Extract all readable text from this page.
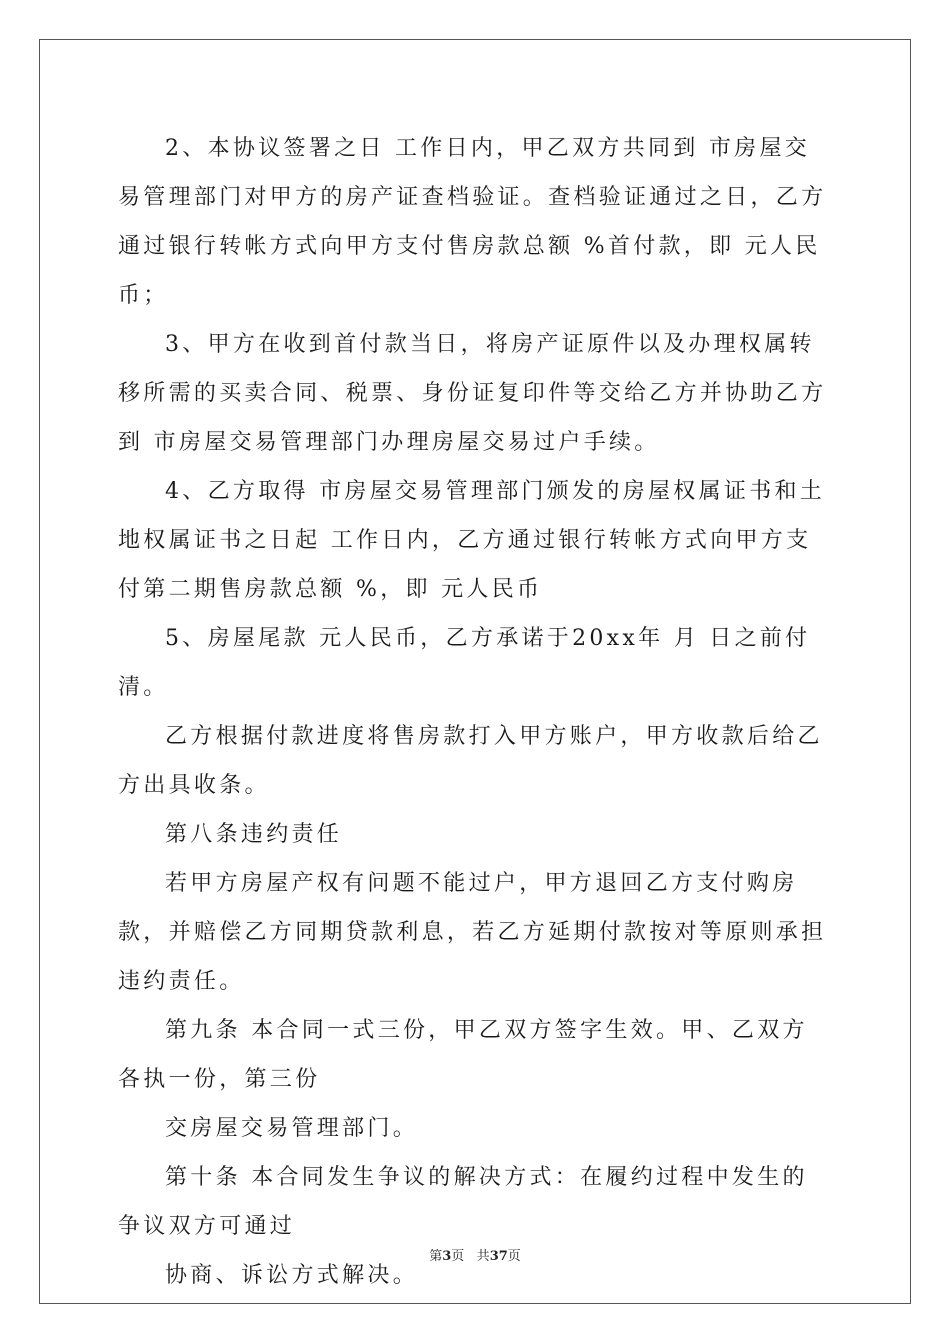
2、本协议签署之日 工作日内，甲乙双方共同到 市房屋交易管理部门对甲方的房产证查档验证。查档验证通过之日，乙方通过银行转帐方式向甲方支付售房款总额 %首付款，即 元人民币；

3、甲方在收到首付款当日，将房产证原件以及办理权属转移所需的买卖合同、税票、身份证复印件等交给乙方并协助乙方到 市房屋交易管理部门办理房屋交易过户手续。

4、乙方取得 市房屋交易管理部门颁发的房屋权属证书和土地权属证书之日起 工作日内，乙方通过银行转帐方式向甲方支付第二期售房款总额 %，即 元人民币

5、房屋尾款 元人民币，乙方承诺于20xx年 月 日之前付清。

乙方根据付款进度将售房款打入甲方账户，甲方收款后给乙方出具收条。

第八条违约责任

若甲方房屋产权有问题不能过户，甲方退回乙方支付购房款，并赔偿乙方同期贷款利息，若乙方延期付款按对等原则承担违约责任。

第九条 本合同一式三份，甲乙双方签字生效。甲、乙双方各执一份，第三份

交房屋交易管理部门。

第十条 本合同发生争议的解决方式：在履约过程中发生的争议双方可通过

协商、诉讼方式解决。

第3页 共37页
